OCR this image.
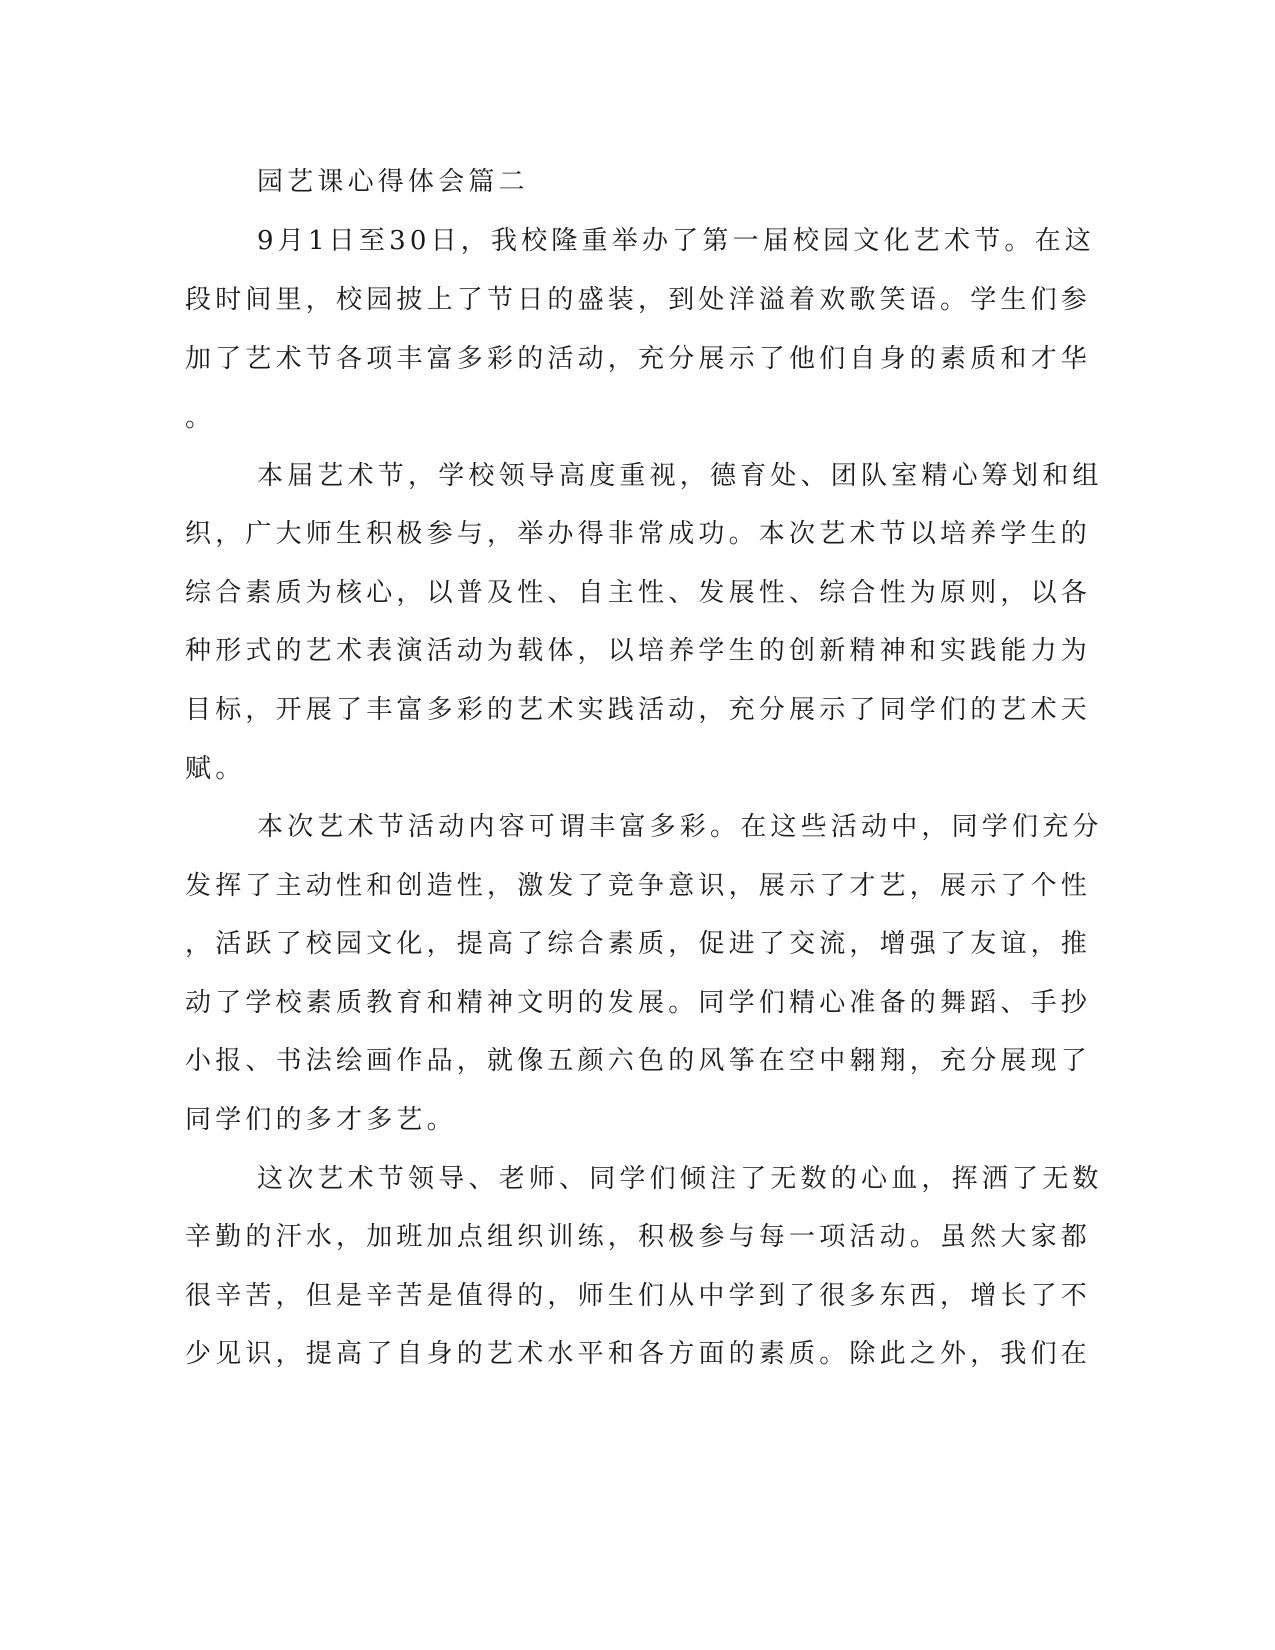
园艺课心得体会篇二
9月1日至30日，我校隆重举办了第一届校园文化艺术节。在这
段时间里，校园披上了节日的盛装，到处洋溢着欢歌笑语。学生们参
加了艺术节各项丰富多彩的活动，充分展示了他们自身的素质和才华
。
本届艺术节，学校领导高度重视，德育处、团队室精心筹划和组
织，广大师生积极参与，举办得非常成功。本次艺术节以培养学生的
综合素质为核心，以普及性、自主性、发展性、综合性为原则，以各
种形式的艺术表演活动为载体，以培养学生的创新精神和实践能力为
目标，开展了丰富多彩的艺术实践活动，充分展示了同学们的艺术天
赋。
本次艺术节活动内容可谓丰富多彩。在这些活动中，同学们充分
发挥了主动性和创造性，激发了竞争意识，展示了才艺，展示了个性
，活跃了校园文化，提高了综合素质，促进了交流，增强了友谊，推
动了学校素质教育和精神文明的发展。同学们精心准备的舞蹈、手抄
小报、书法绘画作品，就像五颜六色的风筝在空中翱翔，充分展现了
同学们的多才多艺。
这次艺术节领导、老师、同学们倾注了无数的心血，挥洒了无数
辛勤的汗水，加班加点组织训练，积极参与每一项活动。虽然大家都
很辛苦，但是辛苦是值得的，师生们从中学到了很多东西，增长了不
少见识，提高了自身的艺术水平和各方面的素质。除此之外，我们在
